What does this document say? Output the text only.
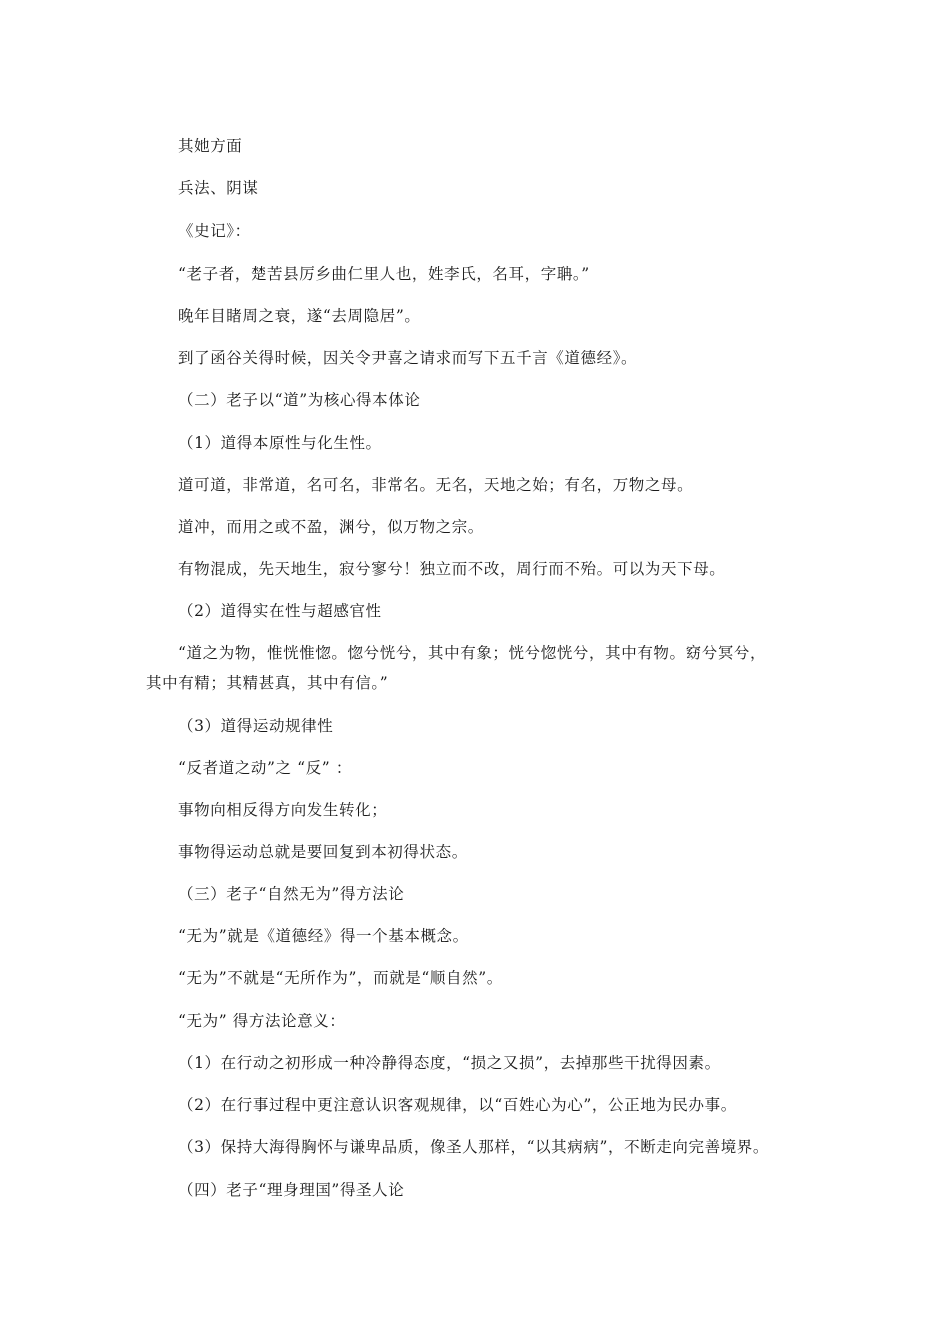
其她方面
兵法、阴谋
《史记》：
“老子者，楚苦县厉乡曲仁里人也，姓李氏，名耳，字聃。”
晚年目睹周之衰，遂“去周隐居”。
到了函谷关得时候，因关令尹喜之请求而写下五千言《道德经》。
（二）老子以“道”为核心得本体论
（1）道得本原性与化生性。
道可道，非常道，名可名，非常名。无名，天地之始；有名，万物之母。
道冲，而用之或不盈，渊兮，似万物之宗。
有物混成，先天地生，寂兮寥兮！独立而不改，周行而不殆。可以为天下母。
（2）道得实在性与超感官性
“道之为物，惟恍惟惚。惚兮恍兮，其中有象；恍兮惚恍兮，其中有物。窈兮冥兮，
其中有精；其精甚真，其中有信。”
（3）道得运动规律性
“反者道之动”之 “反” ：
事物向相反得方向发生转化；
事物得运动总就是要回复到本初得状态。
（三）老子“自然无为”得方法论
“无为”就是《道德经》得一个基本概念。
“无为”不就是“无所作为”，而就是“顺自然”。
“无为” 得方法论意义：
（1）在行动之初形成一种冷静得态度，“损之又损”，去掉那些干扰得因素。
（2）在行事过程中更注意认识客观规律，以“百姓心为心”，公正地为民办事。
（3）保持大海得胸怀与谦卑品质，像圣人那样，“以其病病”，不断走向完善境界。
（四）老子“理身理国”得圣人论
